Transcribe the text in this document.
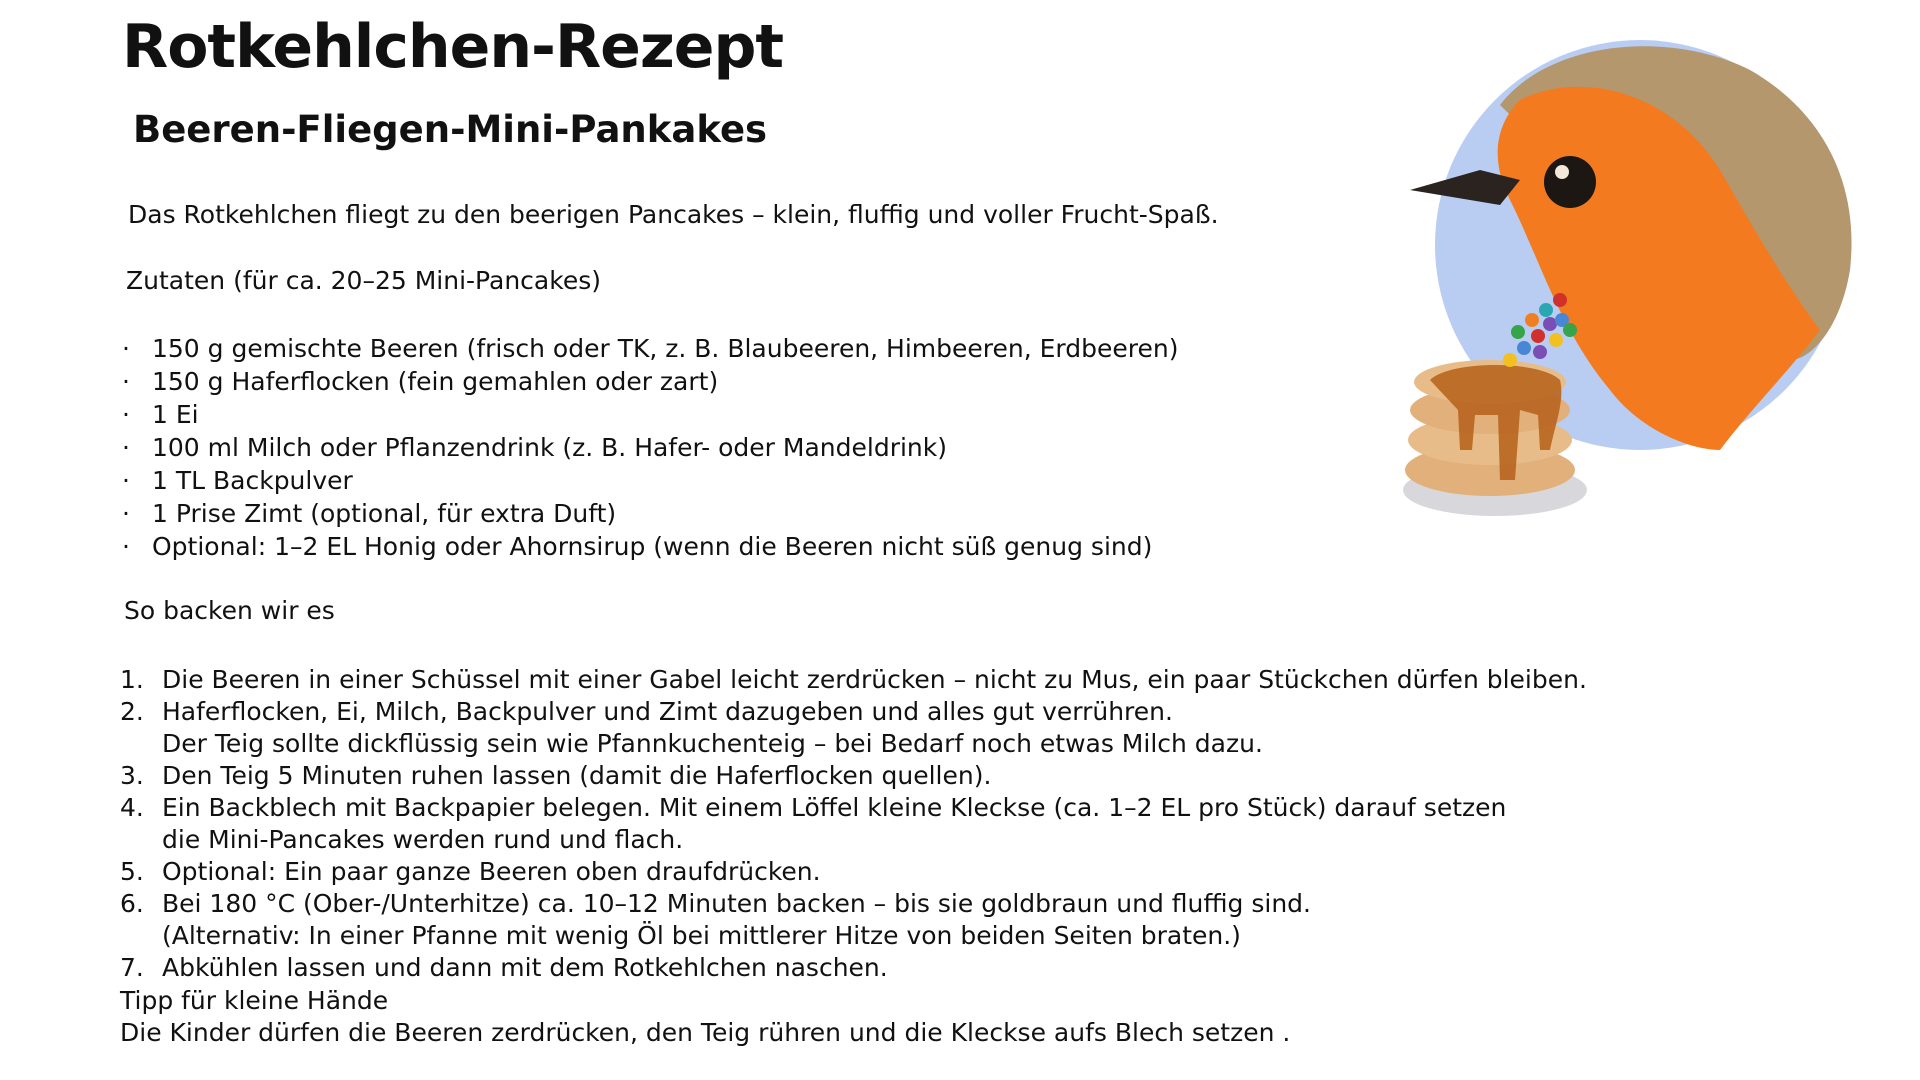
Rotkehlchen-Rezept
Beeren-Fliegen-Mini-Pankakes

Das Rotkehlchen fliegt zu den beerigen Pancakes – klein, fluffig und voller Frucht-Spaß.

Zutaten (für ca. 20–25 Mini-Pancakes)

· 150 g gemischte Beeren (frisch oder TK, z. B. Blaubeeren, Himbeeren, Erdbeeren)
· 150 g Haferflocken (fein gemahlen oder zart)
· 1 Ei
· 100 ml Milch oder Pflanzendrink (z. B. Hafer- oder Mandeldrink)
· 1 TL Backpulver
· 1 Prise Zimt (optional, für extra Duft)
· Optional: 1–2 EL Honig oder Ahornsirup (wenn die Beeren nicht süß genug sind)

So backen wir es

1. Die Beeren in einer Schüssel mit einer Gabel leicht zerdrücken – nicht zu Mus, ein paar Stückchen dürfen bleiben.
2. Haferflocken, Ei, Milch, Backpulver und Zimt dazugeben und alles gut verrühren.
Der Teig sollte dickflüssig sein wie Pfannkuchenteig – bei Bedarf noch etwas Milch dazu.
3. Den Teig 5 Minuten ruhen lassen (damit die Haferflocken quellen).
4. Ein Backblech mit Backpapier belegen. Mit einem Löffel kleine Kleckse (ca. 1–2 EL pro Stück) darauf setzen
die Mini-Pancakes werden rund und flach.
5. Optional: Ein paar ganze Beeren oben draufdrücken.
6. Bei 180 °C (Ober-/Unterhitze) ca. 10–12 Minuten backen – bis sie goldbraun und fluffig sind.
(Alternativ: In einer Pfanne mit wenig Öl bei mittlerer Hitze von beiden Seiten braten.)
7. Abkühlen lassen und dann mit dem Rotkehlchen naschen.

Tipp für kleine Hände

Die Kinder dürfen die Beeren zerdrücken, den Teig rühren und die Kleckse aufs Blech setzen .
